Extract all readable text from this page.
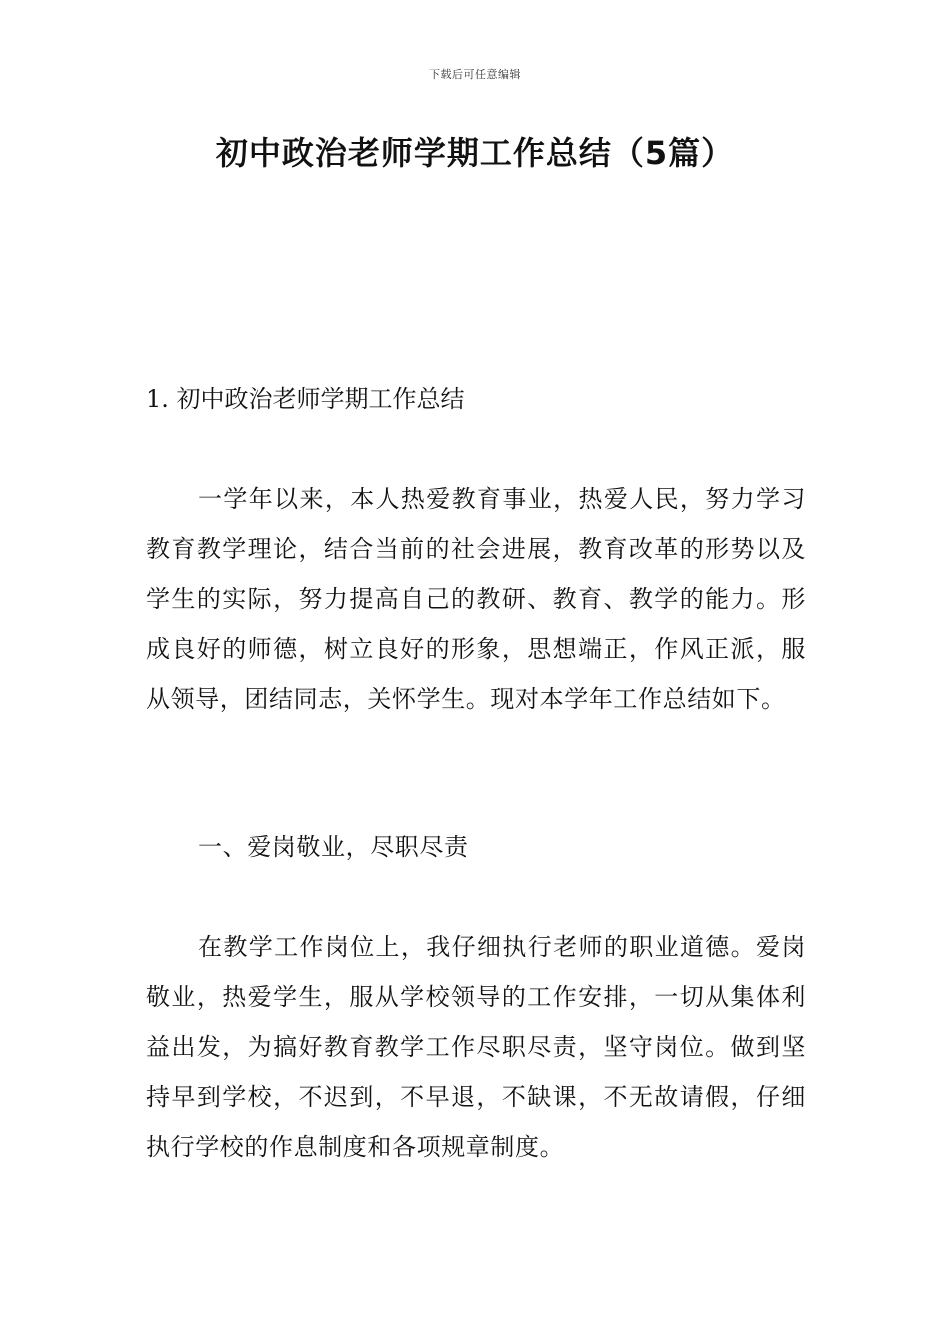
下载后可任意编辑
初中政治老师学期工作总结（5篇）
1. 初中政治老师学期工作总结

一学年以来，本人热爱教育事业，热爱人民，努力学习教育教学理论，结合当前的社会进展，教育改革的形势以及学生的实际，努力提高自己的教研、教育、教学的能力。形成良好的师德，树立良好的形象，思想端正，作风正派，服从领导，团结同志，关怀学生。现对本学年工作总结如下。

一、爱岗敬业，尽职尽责

在教学工作岗位上，我仔细执行老师的职业道德。爱岗敬业，热爱学生，服从学校领导的工作安排，一切从集体利益出发，为搞好教育教学工作尽职尽责，坚守岗位。做到坚持早到学校，不迟到，不早退，不缺课，不无故请假，仔细执行学校的作息制度和各项规章制度。
